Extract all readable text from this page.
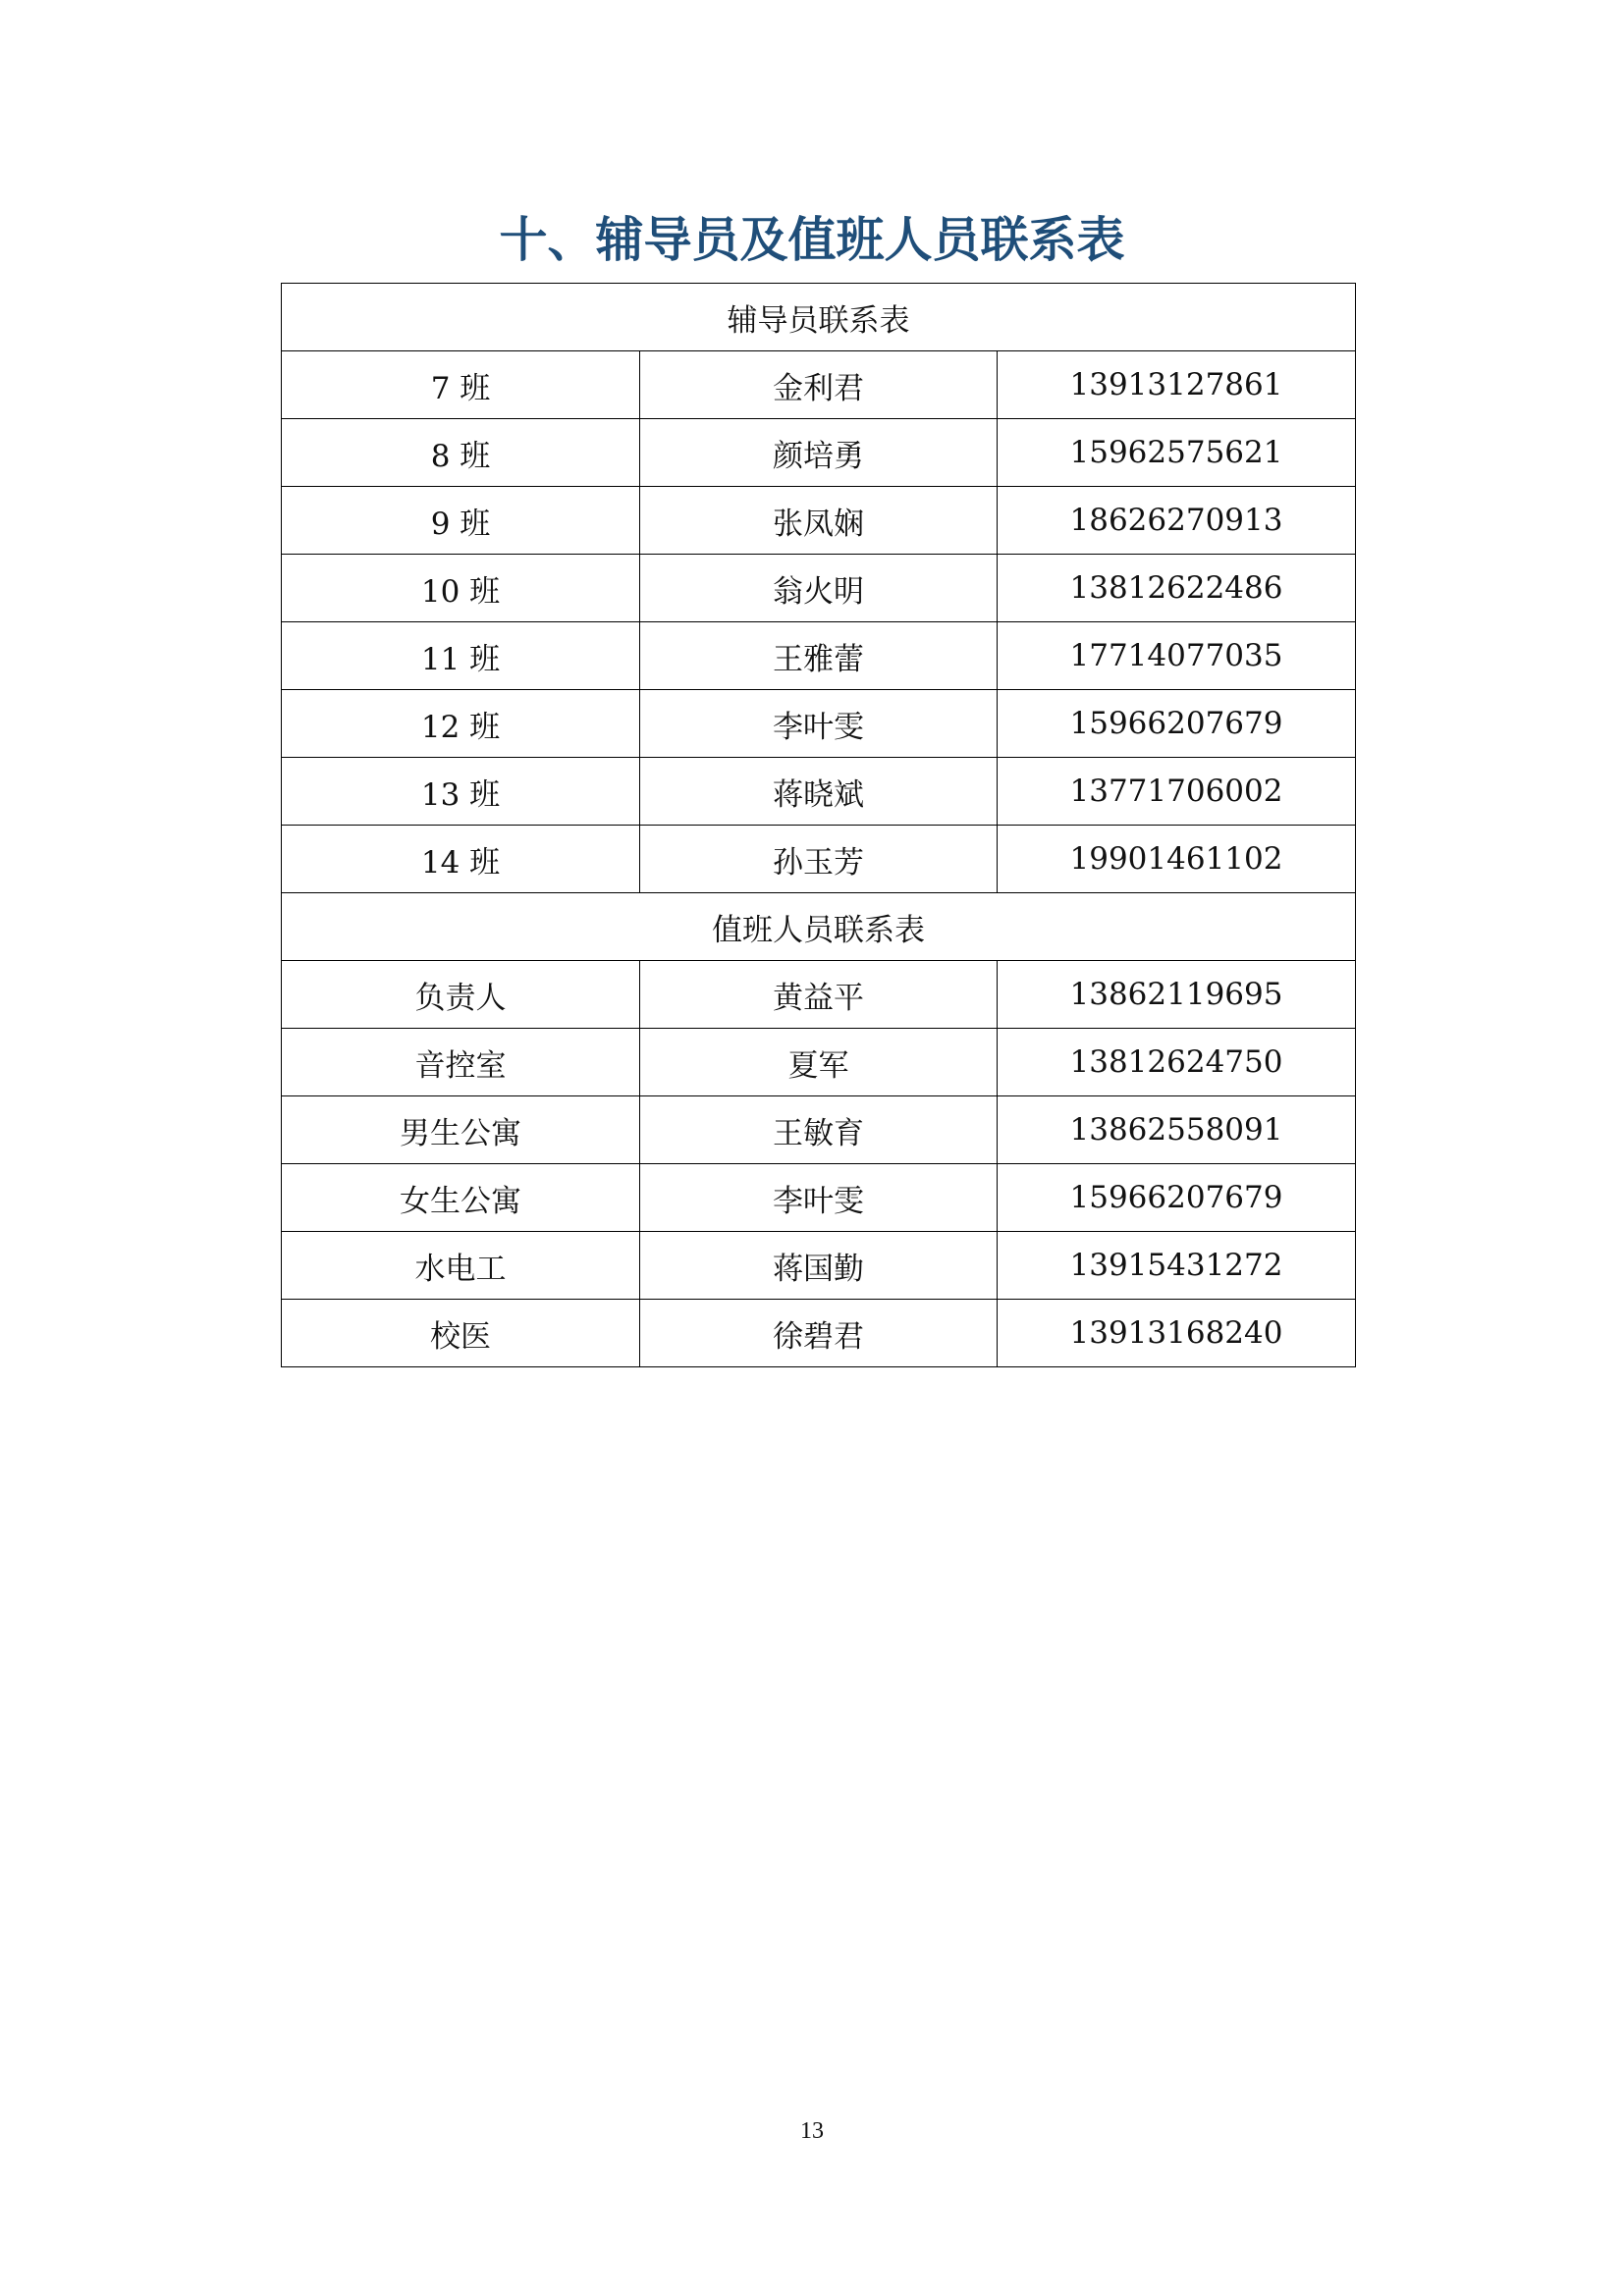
十、辅导员及值班人员联系表
辅导员联系表		
7 班	金利君	13913127861
8 班	颜培勇	15962575621
9 班	张凤娴	18626270913
10 班	翁火明	13812622486
11 班	王雅蕾	17714077035
12 班	李叶雯	15966207679
13 班	蒋晓斌	13771706002
14 班	孙玉芳	19901461102
值班人员联系表		
负责人	黄益平	13862119695
音控室	夏军	13812624750
男生公寓	王敏育	13862558091
女生公寓	李叶雯	15966207679
水电工	蒋国勤	13915431272
校医	徐碧君	13913168240
13
